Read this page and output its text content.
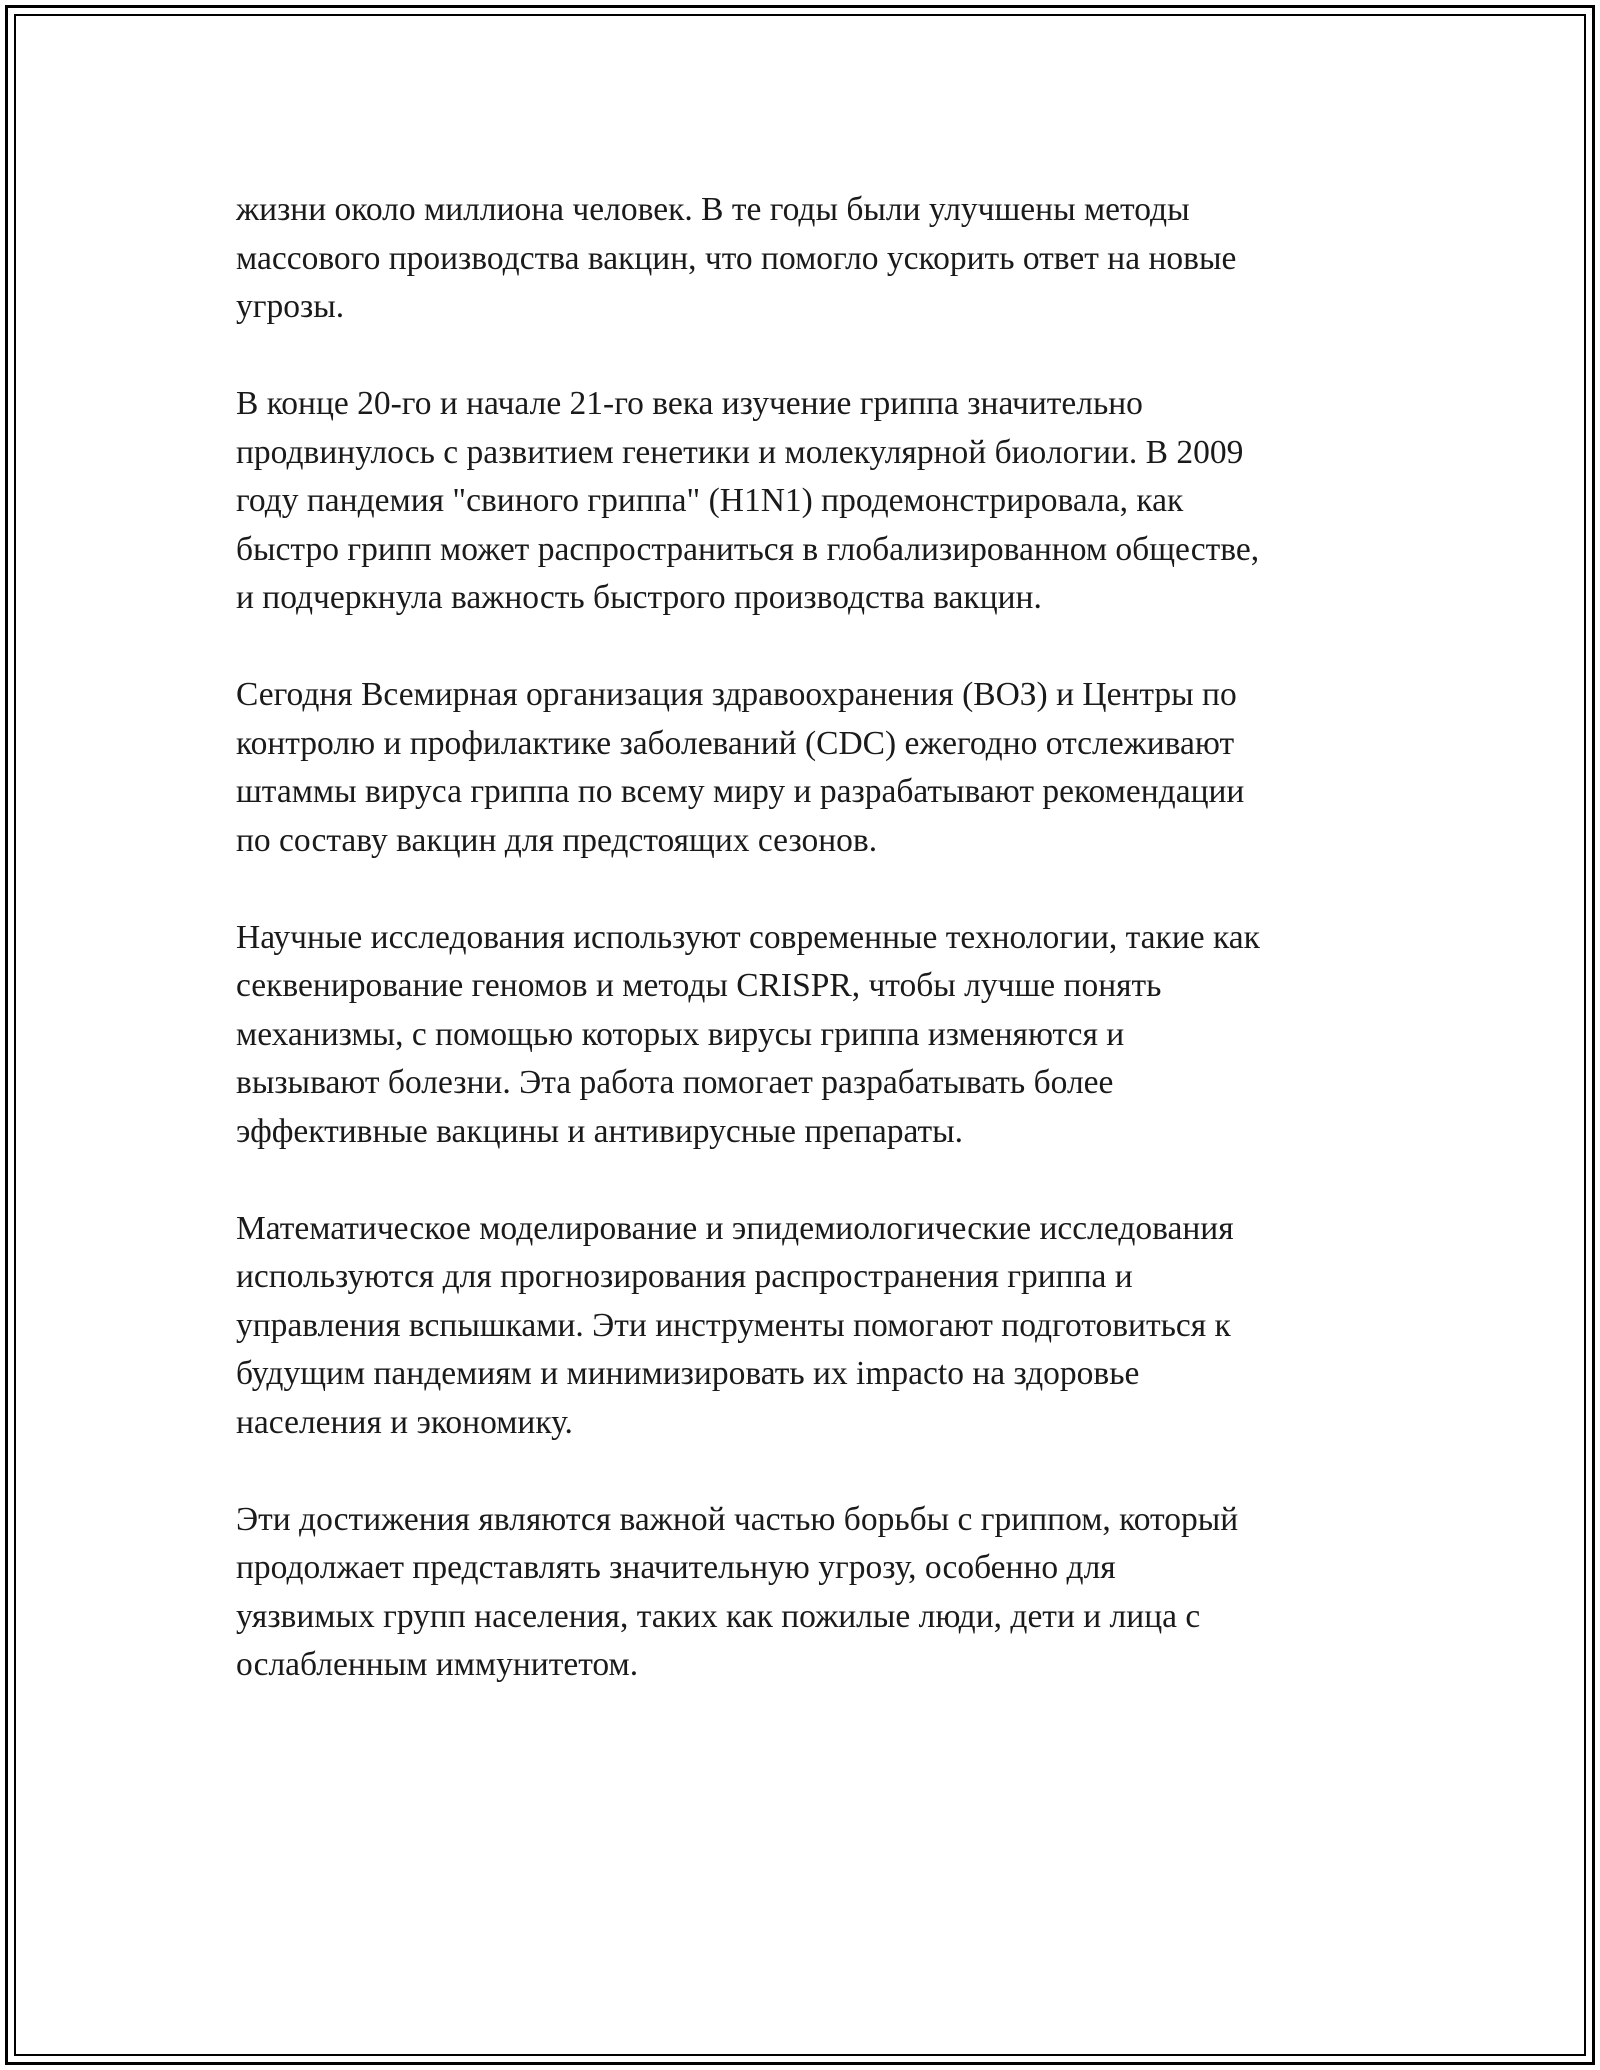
жизни около миллиона человек. В те годы были улучшены методы
массового производства вакцин, что помогло ускорить ответ на новые
угрозы.

В конце 20-го и начале 21-го века изучение гриппа значительно
продвинулось с развитием генетики и молекулярной биологии. В 2009
году пандемия "свиного гриппа" (H1N1) продемонстрировала, как
быстро грипп может распространиться в глобализированном обществе,
и подчеркнула важность быстрого производства вакцин.

Сегодня Всемирная организация здравоохранения (ВОЗ) и Центры по
контролю и профилактике заболеваний (CDC) ежегодно отслеживают
штаммы вируса гриппа по всему миру и разрабатывают рекомендации
по составу вакцин для предстоящих сезонов.

Научные исследования используют современные технологии, такие как
секвенирование геномов и методы CRISPR, чтобы лучше понять
механизмы, с помощью которых вирусы гриппа изменяются и
вызывают болезни. Эта работа помогает разрабатывать более
эффективные вакцины и антивирусные препараты.

Математическое моделирование и эпидемиологические исследования
используются для прогнозирования распространения гриппа и
управления вспышками. Эти инструменты помогают подготовиться к
будущим пандемиям и минимизировать их impacto на здоровье
населения и экономику.

Эти достижения являются важной частью борьбы с гриппом, который
продолжает представлять значительную угрозу, особенно для
уязвимых групп населения, таких как пожилые люди, дети и лица с
ослабленным иммунитетом.
